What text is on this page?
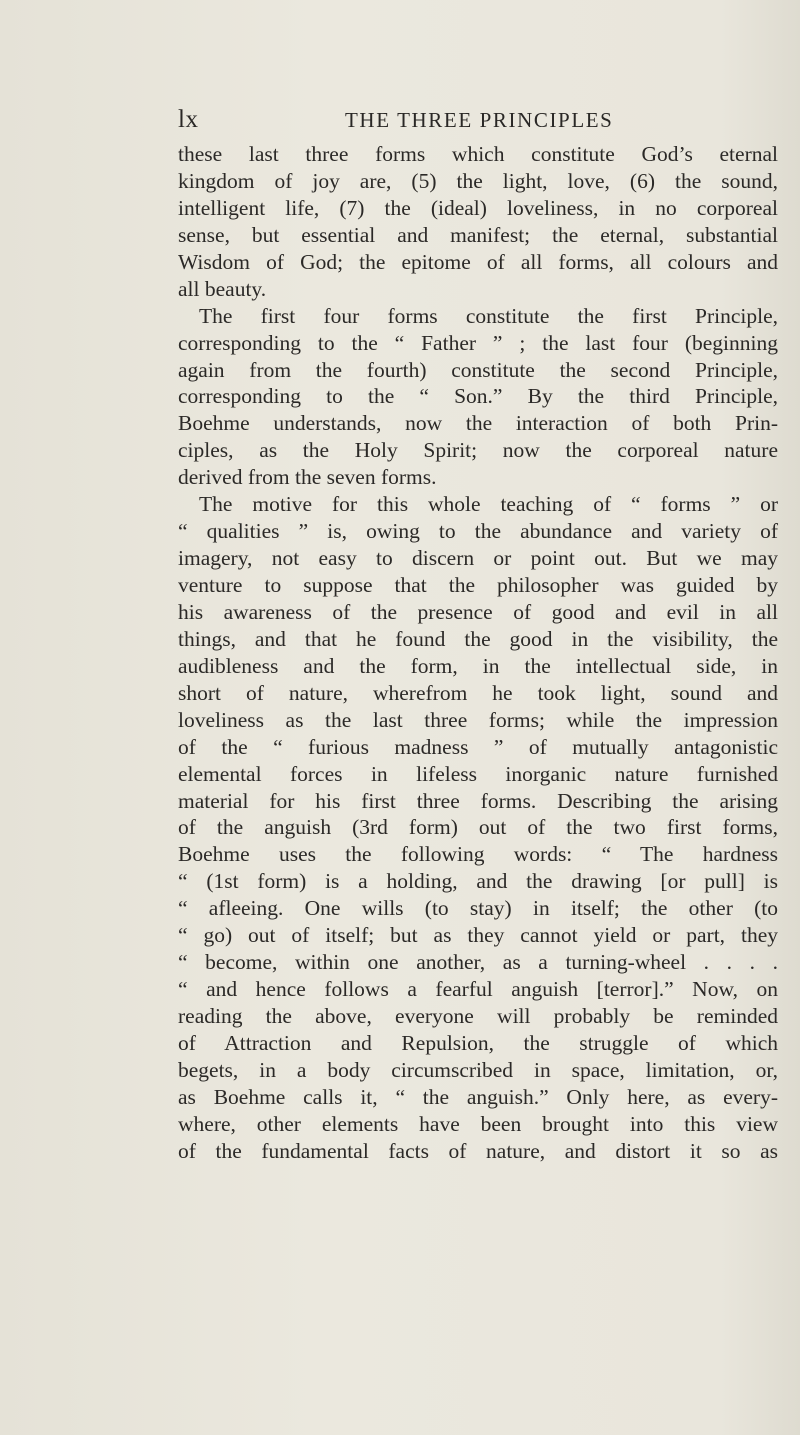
lx	THE THREE PRINCIPLES
these last three forms which constitute God’s eternal
kingdom of joy are, (5) the light, love, (6) the sound,
intelligent life, (7) the (ideal) loveliness, in no corporeal
sense, but essential and manifest; the eternal, substantial
Wisdom of God; the epitome of all forms, all colours and
all beauty.
The first four forms constitute the first Principle,
corresponding to the “ Father ” ; the last four (beginning
again from the fourth) constitute the second Principle,
corresponding to the “ Son.” By the third Principle,
Boehme understands, now the interaction of both Prin-
ciples, as the Holy Spirit; now the corporeal nature
derived from the seven forms.
The motive for this whole teaching of “ forms ” or
“ qualities ” is, owing to the abundance and variety of
imagery, not easy to discern or point out. But we may
venture to suppose that the philosopher was guided by
his awareness of the presence of good and evil in all
things, and that he found the good in the visibility, the
audibleness and the form, in the intellectual side, in
short of nature, wherefrom he took light, sound and
loveliness as the last three forms; while the impression
of the “ furious madness ” of mutually antagonistic
elemental forces in lifeless inorganic nature furnished
material for his first three forms. Describing the arising
of the anguish (3rd form) out of the two first forms,
Boehme uses the following words: “ The hardness
“ (1st form) is a holding, and the drawing [or pull] is
“ afleeing. One wills (to stay) in itself; the other (to
“ go) out of itself; but as they cannot yield or part, they
“ become, within one another, as a turning-wheel . . . .
“ and hence follows a fearful anguish [terror].” Now, on
reading the above, everyone will probably be reminded
of Attraction and Repulsion, the struggle of which
begets, in a body circumscribed in space, limitation, or,
as Boehme calls it, “ the anguish.” Only here, as every-
where, other elements have been brought into this view
of the fundamental facts of nature, and distort it so as
